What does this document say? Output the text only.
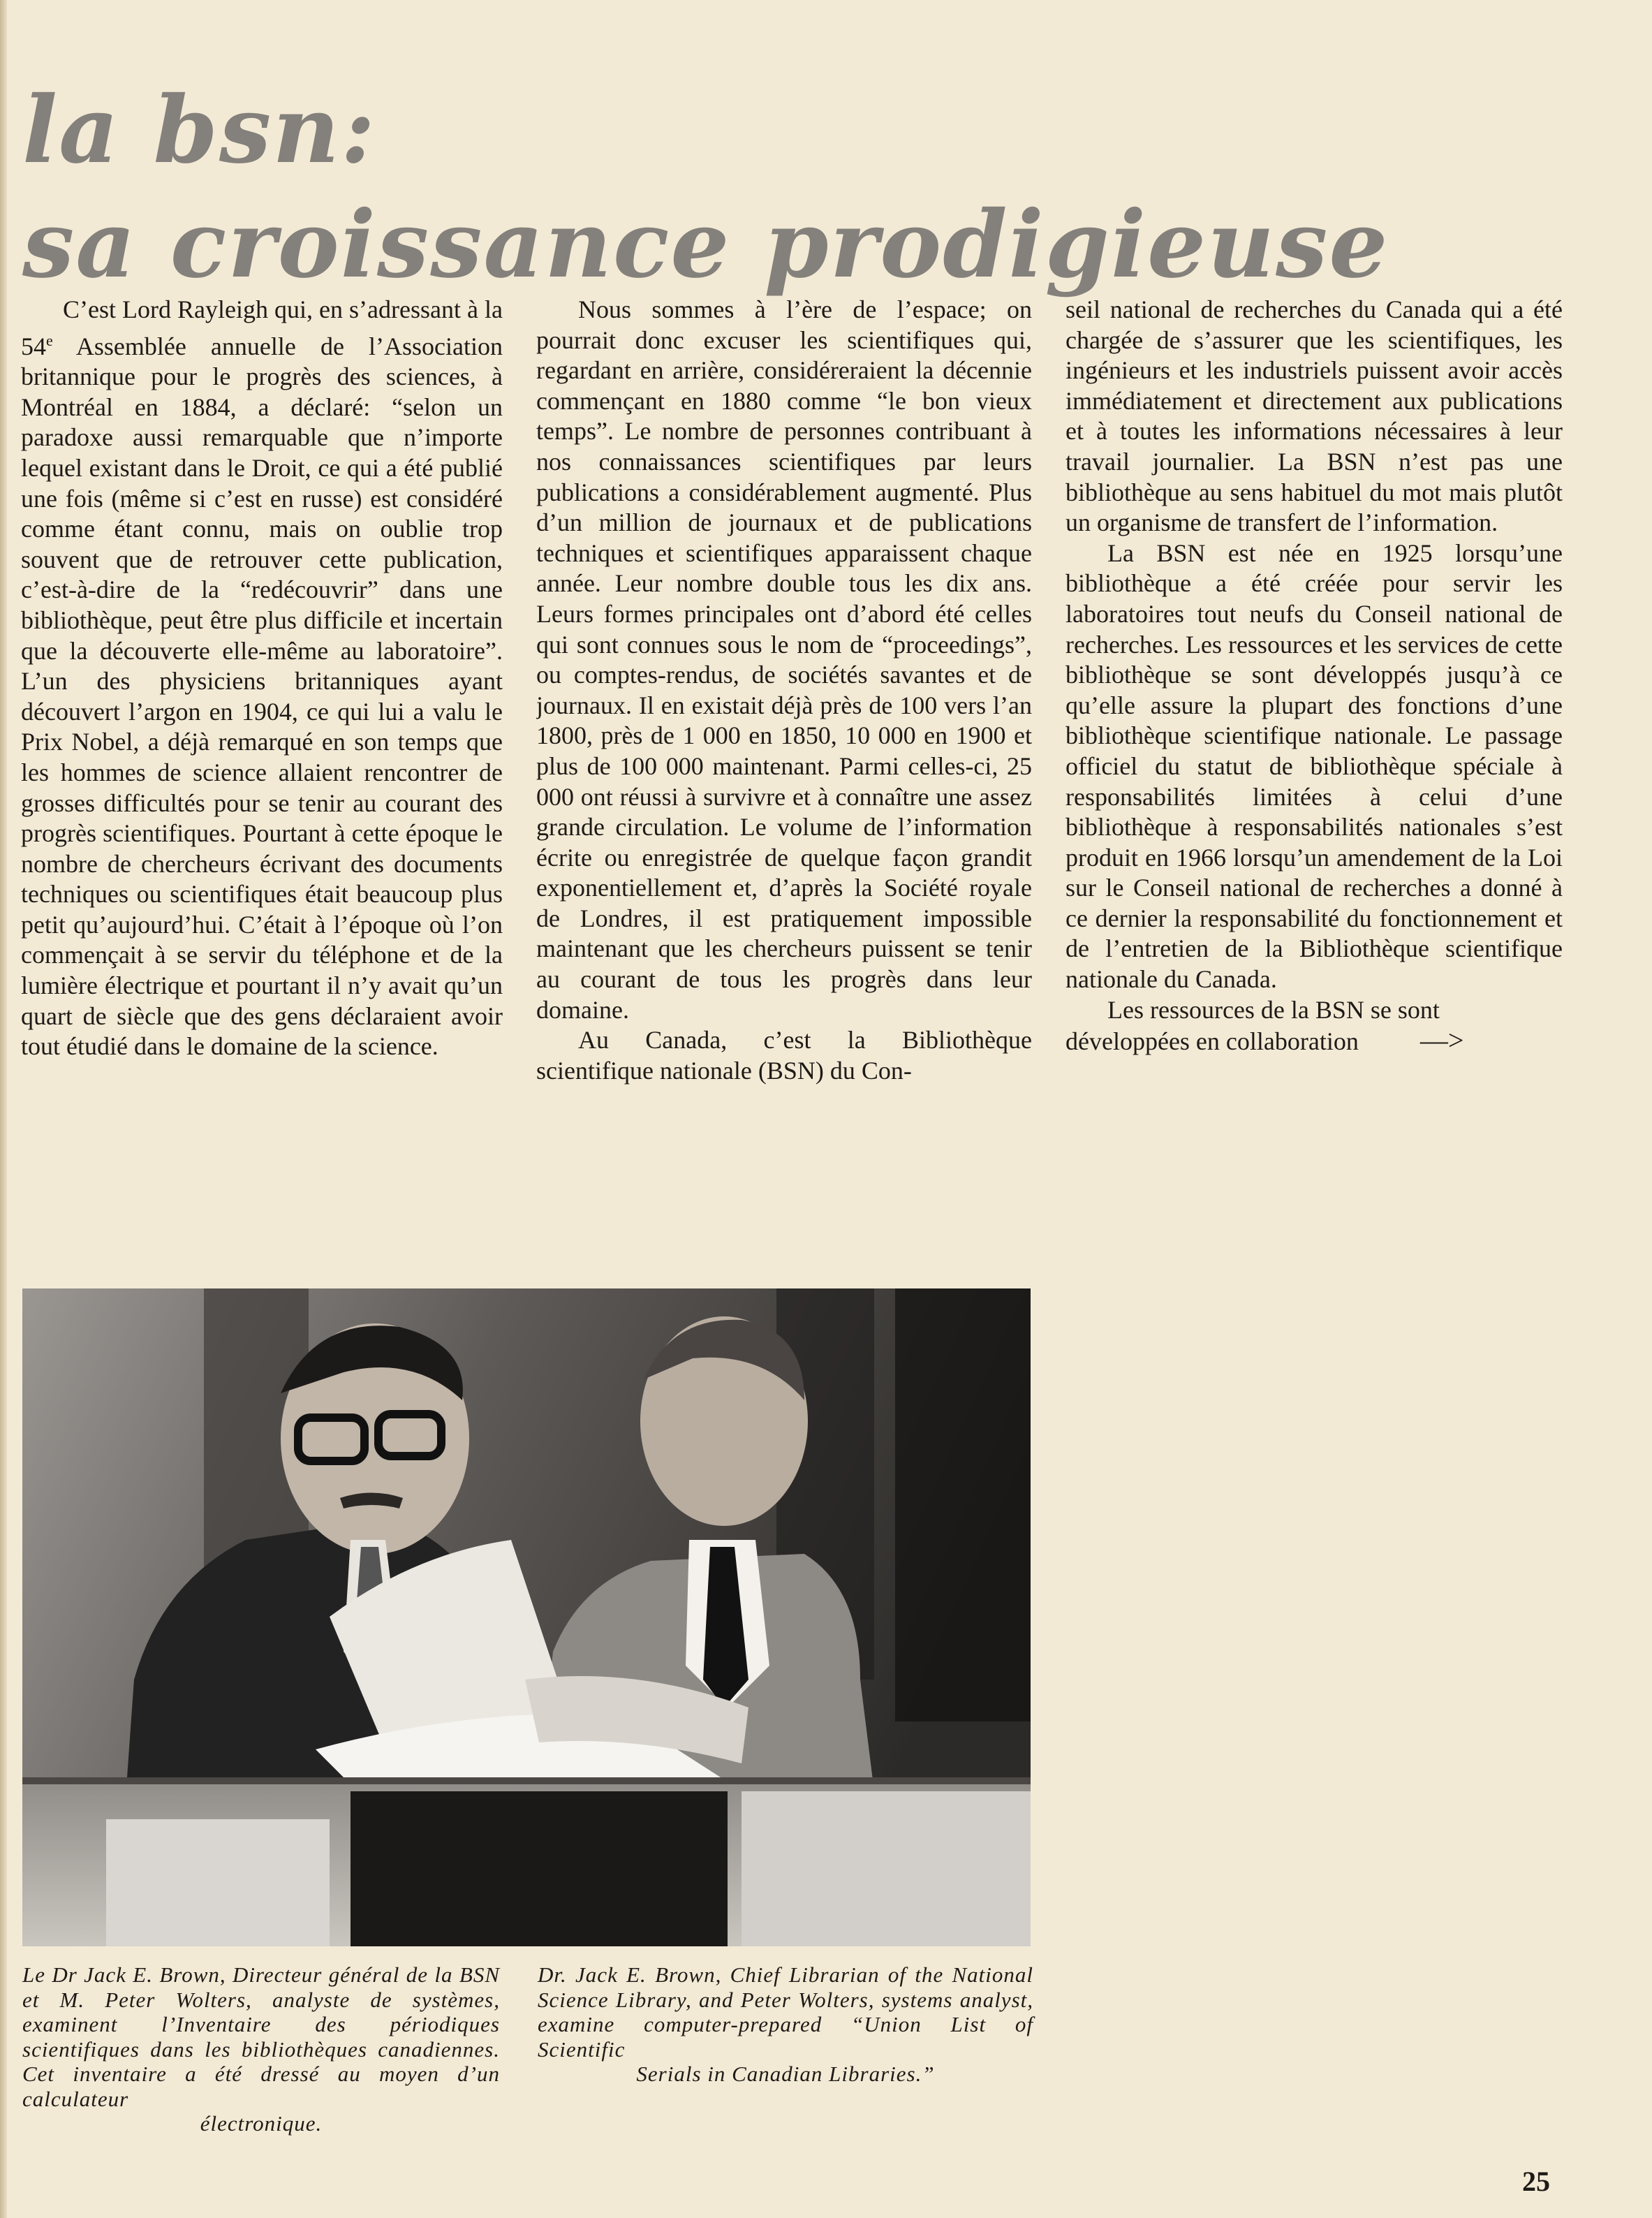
la bsn:
sa croissance prodigieuse

C’est Lord Rayleigh qui, en s’adressant à la 54e Assemblée annuelle de l’Association britannique pour le progrès des sciences, à Montréal en 1884, a déclaré: “selon un paradoxe aussi remarquable que n’importe lequel existant dans le Droit, ce qui a été publié une fois (même si c’est en russe) est considéré comme étant connu, mais on oublie trop souvent que de retrouver cette publication, c’est-à-dire de la “redécouvrir” dans une bibliothèque, peut être plus difficile et incertain que la découverte elle-même au laboratoire”. L’un des physiciens britanniques ayant découvert l’argon en 1904, ce qui lui a valu le Prix Nobel, a déjà remarqué en son temps que les hommes de science allaient rencontrer de grosses difficultés pour se tenir au courant des progrès scientifiques. Pourtant à cette époque le nombre de chercheurs écrivant des documents techniques ou scientifiques était beaucoup plus petit qu’aujourd’hui. C’était à l’époque où l’on commençait à se servir du téléphone et de la lumière électrique et pourtant il n’y avait qu’un quart de siècle que des gens déclaraient avoir tout étudié dans le domaine de la science.

Nous sommes à l’ère de l’espace; on pourrait donc excuser les scientifiques qui, regardant en arrière, considéreraient la décennie commençant en 1880 comme “le bon vieux temps”. Le nombre de personnes contribuant à nos connaissances scientifiques par leurs publications a considérablement augmenté. Plus d’un million de journaux et de publications techniques et scientifiques apparaissent chaque année. Leur nombre double tous les dix ans. Leurs formes principales ont d’abord été celles qui sont connues sous le nom de “proceedings”, ou comptes-rendus, de sociétés savantes et de journaux. Il en existait déjà près de 100 vers l’an 1800, près de 1 000 en 1850, 10 000 en 1900 et plus de 100 000 maintenant. Parmi celles-ci, 25 000 ont réussi à survivre et à connaître une assez grande circulation. Le volume de l’information écrite ou enregistrée de quelque façon grandit exponentiellement et, d’après la Société royale de Londres, il est pratiquement impossible maintenant que les chercheurs puissent se tenir au courant de tous les progrès dans leur domaine.

Au Canada, c’est la Bibliothèque scientifique nationale (BSN) du Con-

seil national de recherches du Canada qui a été chargée de s’assurer que les scientifiques, les ingénieurs et les industriels puissent avoir accès immédiatement et directement aux publications et à toutes les informations nécessaires à leur travail journalier. La BSN n’est pas une bibliothèque au sens habituel du mot mais plutôt un organisme de transfert de l’information.

La BSN est née en 1925 lorsqu’une bibliothèque a été créée pour servir les laboratoires tout neufs du Conseil national de recherches. Les ressources et les services de cette bibliothèque se sont développés jusqu’à ce qu’elle assure la plupart des fonctions d’une bibliothèque scientifique nationale. Le passage officiel du statut de bibliothèque spéciale à responsabilités limitées à celui d’une bibliothèque à responsabilités nationales s’est produit en 1966 lorsqu’un amendement de la Loi sur le Conseil national de recherches a donné à ce dernier la responsabilité du fonctionnement et de l’entretien de la Bibliothèque scientifique nationale du Canada.

Les ressources de la BSN se sont développées en collaboration —>

Le Dr Jack E. Brown, Directeur général de la BSN et M. Peter Wolters, analyste de systèmes, examinent l’Inventaire des périodiques scientifiques dans les bibliothèques canadiennes. Cet inventaire a été dressé au moyen d’un calculateur
électronique.
Dr. Jack E. Brown, Chief Librarian of the National Science Library, and Peter Wolters, systems analyst, examine computer-prepared “Union List of Scientific
Serials in Canadian Libraries.”
25
